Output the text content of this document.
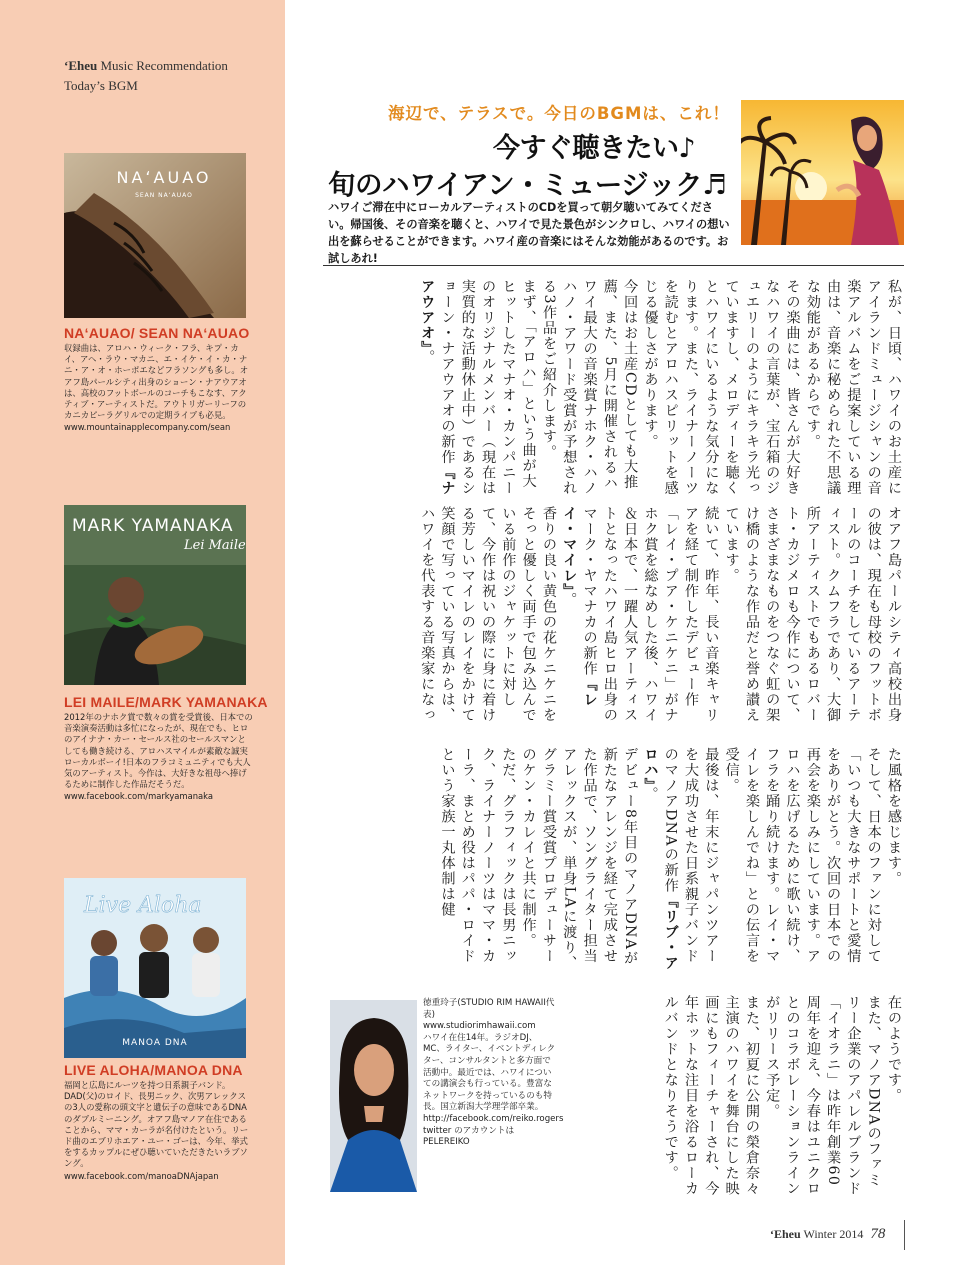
ʻEheu Music Recommendation
Today’s BGM
NAʻAUAO
SEAN NAʻAUAO
NAʻAUAO/ SEAN NAʻAUAO
収録曲は、アロハ・ウィーク・フラ、キプ・カイ、アヘ・ラウ・マカニ、エ・イケ・イ・カ・ナニ・ア・オ・ホーポエなどフラソングも多し。オアフ島パールシティ出身のショーン・ナアウアオは、高校のフットボールのコーチもこなす、アクティブ・アーティストだ。アウトリガーリーフのカニカピーラグリルでの定期ライブも必見。
www.mountainapplecompany.com/sean
MARK YAMANAKA
Lei Maile
LEI MAILE/MARK YAMANAKA
2012年のナホク賞で数々の賞を受賞後、日本での音楽演奏活動は多忙になったが、現在でも、ヒロのアイナナ・カー・セールス社のセールスマンとしても働き続ける、アロハスマイルが素敵な誠実ローカルボーイ!日本のフラコミュニティでも大人気のアーティスト。今作は、大好きな祖母へ捧げるために制作した作品だそうだ。
www.facebook.com/markyamanaka
Live Aloha
MANOA DNA
LIVE ALOHA/MANOA DNA
福岡と広島にルーツを持つ日系親子バンド。DAD(父)のロイド、長男ニック、次男アレックスの3人の愛称の頭文字と遺伝子の意味であるDNAのダブルミーニング。オアフ島マノア在住であることから、ママ・カーラが名付けたという。リード曲のエブリホエア・ユー・ゴーは、今年、挙式をするカップルにぜひ聴いていただきたいラブソング。
www.facebook.com/manoaDNAjapan
海辺で、テラスで。今日のBGMは、これ！
今すぐ聴きたい♪
旬のハワイアン・ミュージック♬
ハワイご滞在中にローカルアーティストのCDを買って朝夕聴いてみてください。帰国後、その音楽を聴くと、ハワイで見た景色がシンクロし、ハワイの想い出を蘇らせることができます。ハワイ産の音楽にはそんな効能があるのです。お試しあれ!
私が、日頃、ハワイのお土産にアイランドミュージシャンの音楽アルバムをご提案している理由は、音楽に秘められた不思議な効能があるからです。
その楽曲には、皆さんが大好きなハワイの言葉が、宝石箱のジュエリーのようにキラキラ光っていますし、メロディーを聴くとハワイにいるような気分になります。また、ライナーノーツを読むとアロハスピリットを感じる優しさがあります。
今回はお土産CDとしても大推薦、また、5月に開催されるハワイ最大の音楽賞ナホク・ハノハノ・アワード受賞が予想される3作品をご紹介します。
まず、「アロハ」という曲が大ヒットしたマナオ・カンパニーのオリジナルメンバー（現在は実質的な活動休止中）であるショーン・ナアウアオの新作『ナアウアオ』。
オアフ島パールシティ高校出身の彼は、現在も母校のフットボールのコーチをしているアーティスト。クムフラであり、大御所アーティストでもあるロバート・カジメロも今作について、さまざまなものをつなぐ虹の架け橋のような作品だと誉め讃えています。
続いて、昨年、長い音楽キャリアを経て制作したデビュー作「レイ・プア・ケニケニ」がナホク賞を総なめした後、ハワイ＆日本で、一躍人気アーティストとなったハワイ島ヒロ出身のマーク・ヤマナカの新作『レイ・マイレ』。
香りの良い黄色の花ケニケニをそっと優しく両手で包み込んでいる前作のジャケットに対して、今作は祝いの際に身に着ける芳しいマイレのレイをかけて笑顔で写っている写真からは、ハワイを代表する音楽家になっ
た風格を感じます。
そして、日本のファンに対して「いつも大きなサポートと愛情をありがとう。次回の日本での再会を楽しみにしています。アロハを広げるために歌い続け、フラを踊り続けます。レイ・マイレを楽しんでね」との伝言を受信。
最後は、年末にジャパンツアーを大成功させた日系親子バンドのマノアDNAの新作『リブ・アロハ』。
デビュー8年目のマノアDNAが新たなアレンジを経て完成させた作品で、ソングライター担当アレックスが、単身LAに渡り、グラミー賞受賞プロデューサーのケン・カレイと共に制作。
ただ、グラフィックは長男ニック、ライナーノーツはママ・カーラ、まとめ役はパパ・ロイドという家族一丸体制は健
在のようです。
また、マノアDNAのファミリー企業のアパレルブランド「イオラニ」は昨年創業60周年を迎え、今春はユニクロとのコラボレーションラインがリリース予定。
また、初夏に公開の榮倉奈々主演のハワイを舞台にした映画にもフィーチャーされ、今年ホットな注目を浴るローカルバンドとなりそうです。
徳重玲子(STUDIO RIM HAWAII代表)
www.studiorimhawaii.com
ハワイ在住14年。ラジオDJ、MC、ライター、イベントディレクター、コンサルタントと多方面で活動中。最近では、ハワイについての講演会も行っている。豊富なネットワークを持っているのも特長。国立新潟大学理学部卒業。http://facebook.com/reiko.rogers twitter のアカウントはPELEREIKO
ʻEheu Winter 2014 78
